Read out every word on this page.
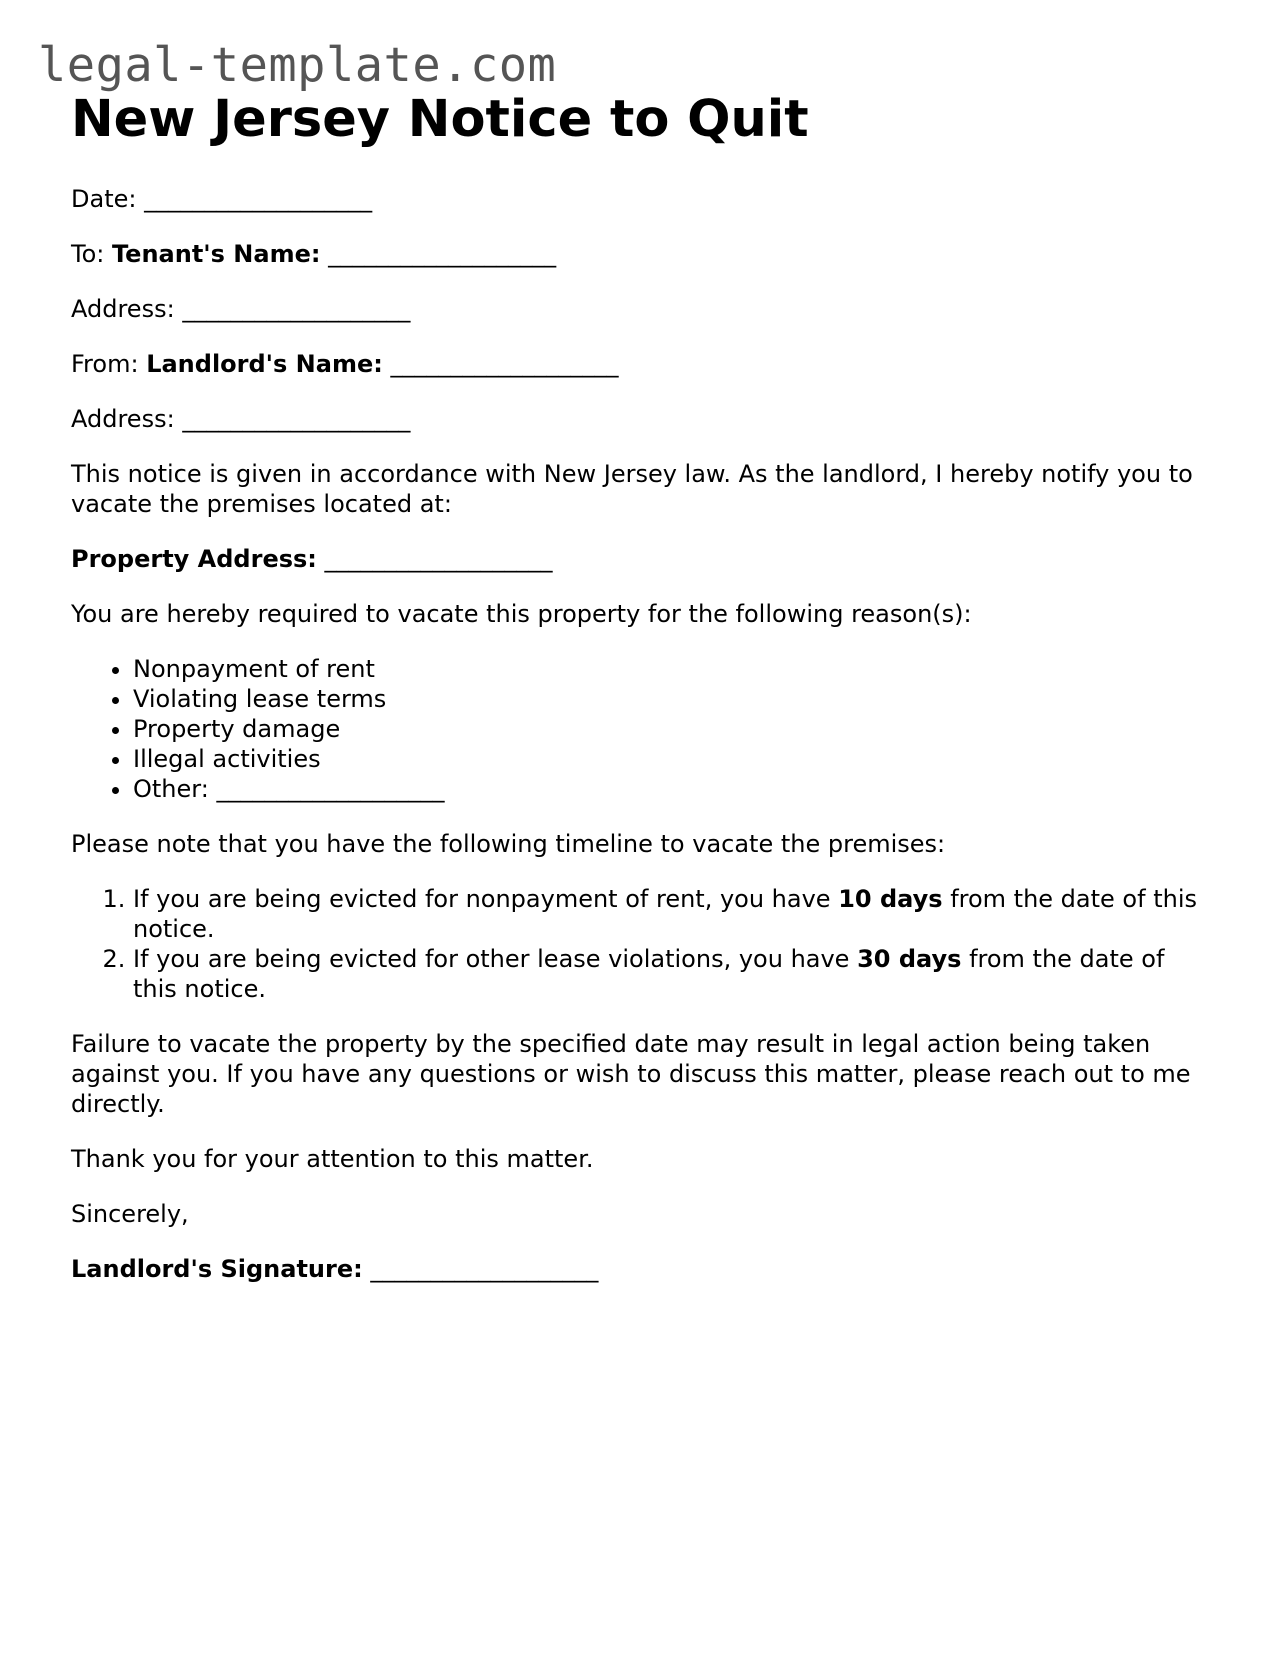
legal-template.com
New Jersey Notice to Quit

Date: ___________________

To: Tenant's Name: ___________________

Address: ___________________

From: Landlord's Name: ___________________

Address: ___________________

This notice is given in accordance with New Jersey law. As the landlord, I hereby notify you to vacate the premises located at:

Property Address: ___________________

You are hereby required to vacate this property for the following reason(s):

• Nonpayment of rent
• Violating lease terms
• Property damage
• Illegal activities
• Other: ___________________

Please note that you have the following timeline to vacate the premises:

1. If you are being evicted for nonpayment of rent, you have 10 days from the date of this notice.
2. If you are being evicted for other lease violations, you have 30 days from the date of this notice.

Failure to vacate the property by the specified date may result in legal action being taken against you. If you have any questions or wish to discuss this matter, please reach out to me directly.

Thank you for your attention to this matter.

Sincerely,

Landlord's Signature: ___________________
